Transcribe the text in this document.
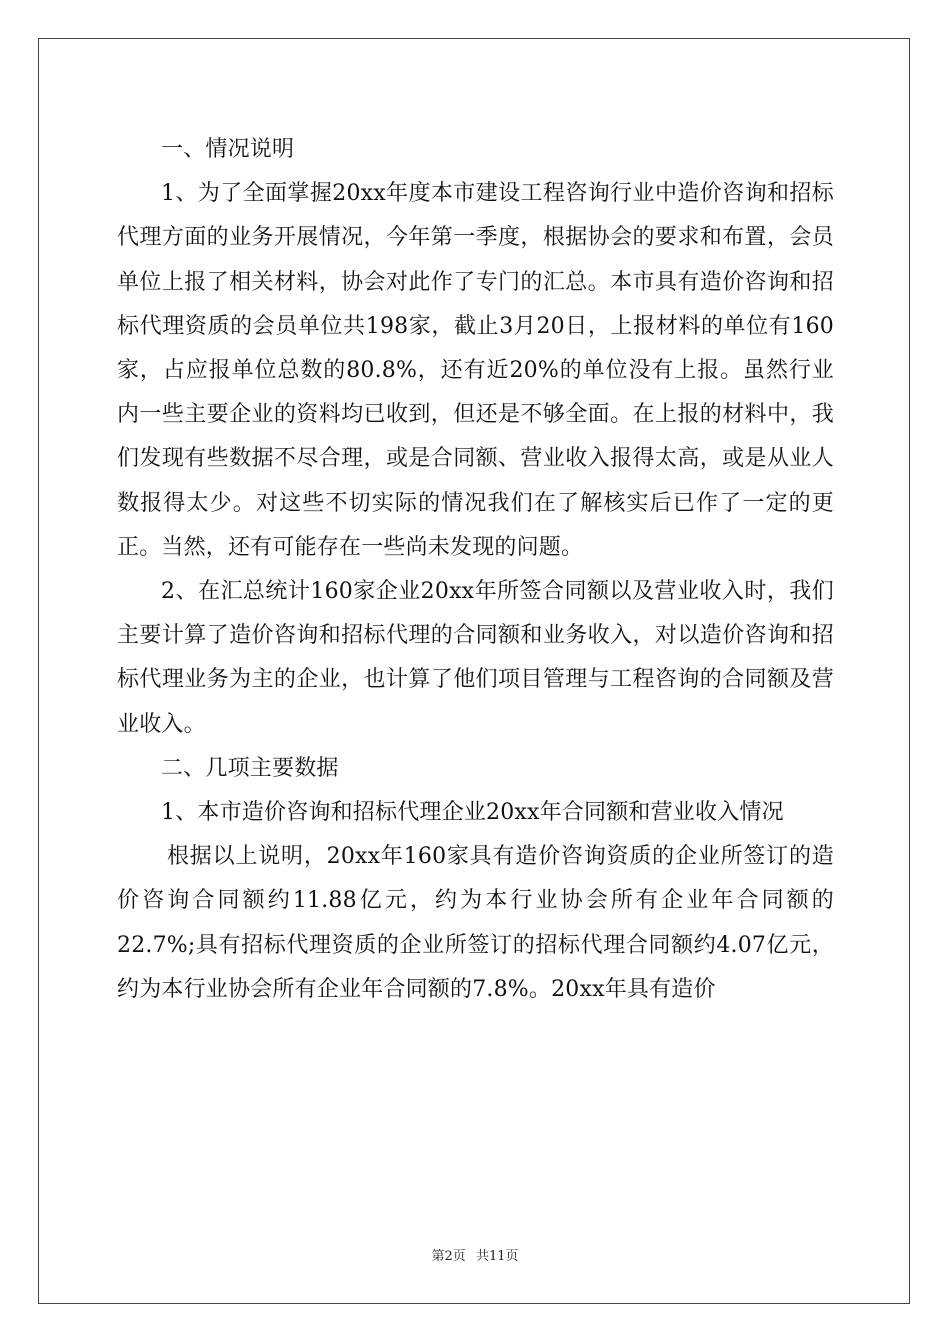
一、情况说明

1、为了全面掌握20xx年度本市建设工程咨询行业中造价咨询和招标代理方面的业务开展情况，今年第一季度，根据协会的要求和布置，会员单位上报了相关材料，协会对此作了专门的汇总。本市具有造价咨询和招标代理资质的会员单位共198家，截止3月20日，上报材料的单位有160家，占应报单位总数的80.8%，还有近20%的单位没有上报。虽然行业内一些主要企业的资料均已收到，但还是不够全面。在上报的材料中，我们发现有些数据不尽合理，或是合同额、营业收入报得太高，或是从业人数报得太少。对这些不切实际的情况我们在了解核实后已作了一定的更正。当然，还有可能存在一些尚未发现的问题。

2、在汇总统计160家企业20xx年所签合同额以及营业收入时，我们主要计算了造价咨询和招标代理的合同额和业务收入，对以造价咨询和招标代理业务为主的企业，也计算了他们项目管理与工程咨询的合同额及营业收入。

二、几项主要数据

1、本市造价咨询和招标代理企业20xx年合同额和营业收入情况

根据以上说明，20xx年160家具有造价咨询资质的企业所签订的造价咨询合同额约11.88亿元，约为本行业协会所有企业年合同额的22.7%;具有招标代理资质的企业所签订的招标代理合同额约4.07亿元，约为本行业协会所有企业年合同额的7.8%。20xx年具有造价

第2页 共11页
